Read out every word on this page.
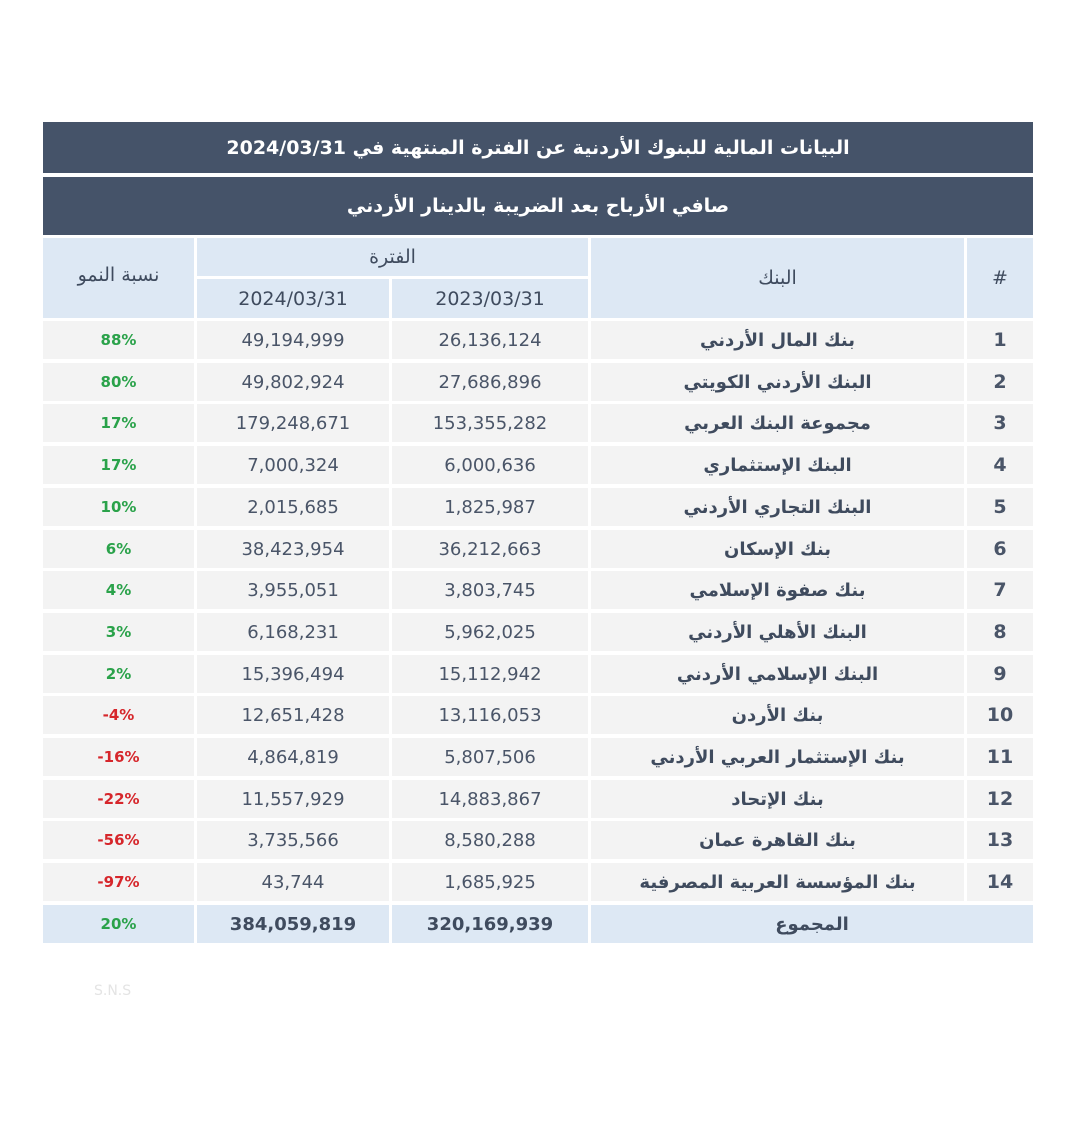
البيانات المالية للبنوك الأردنية عن الفترة المنتهية في 2024/03/31
صافي الأرباح بعد الضريبة بالدينار الأردني
#
البنك
الفترة
2023/03/31
2024/03/31
نسبة النمو
1
بنك المال الأردني
26,136,124
49,194,999
88%
2
البنك الأردني الكويتي
27,686,896
49,802,924
80%
3
مجموعة البنك العربي
153,355,282
179,248,671
17%
4
البنك الإستثماري
6,000,636
7,000,324
17%
5
البنك التجاري الأردني
1,825,987
2,015,685
10%
6
بنك الإسكان
36,212,663
38,423,954
6%
7
بنك صفوة الإسلامي
3,803,745
3,955,051
4%
8
البنك الأهلي الأردني
5,962,025
6,168,231
3%
9
البنك الإسلامي الأردني
15,112,942
15,396,494
2%
10
بنك الأردن
13,116,053
12,651,428
-4%
11
بنك الإستثمار العربي الأردني
5,807,506
4,864,819
-16%
12
بنك الإتحاد
14,883,867
11,557,929
-22%
13
بنك القاهرة عمان
8,580,288
3,735,566
-56%
14
بنك المؤسسة العربية المصرفية
1,685,925
43,744
-97%
المجموع
320,169,939
384,059,819
20%
S.N.S
